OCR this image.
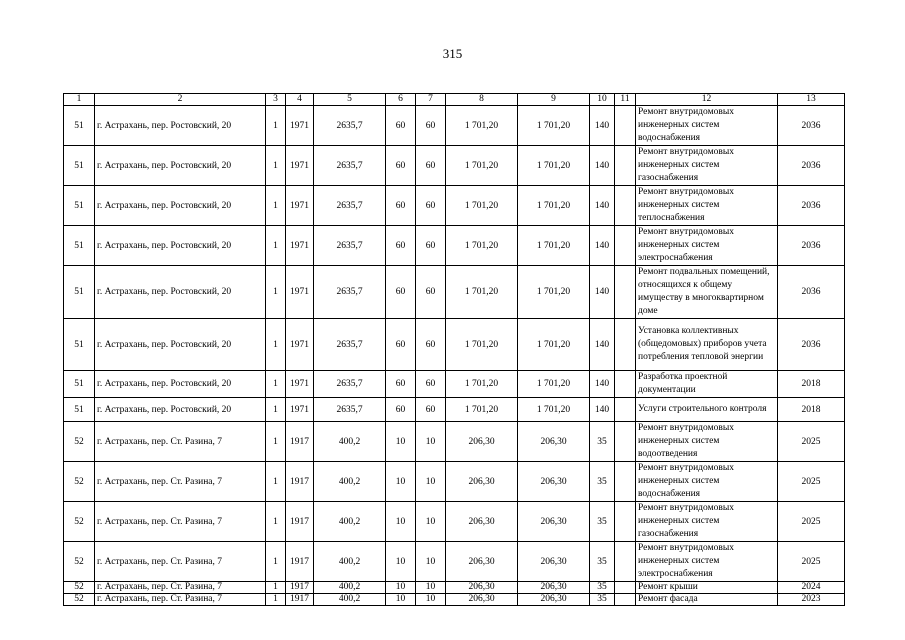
315
1	2	3	4	5	6	7	8	9	10	11	12	13
51	г. Астрахань, пер. Ростовский, 20	1	1971	2635,7	60	60	1 701,20	1 701,20	140		Ремонт внутридомовых инженерных систем водоснабжения	2036
51	г. Астрахань, пер. Ростовский, 20	1	1971	2635,7	60	60	1 701,20	1 701,20	140		Ремонт внутридомовых инженерных систем газоснабжения	2036
51	г. Астрахань, пер. Ростовский, 20	1	1971	2635,7	60	60	1 701,20	1 701,20	140		Ремонт внутридомовых инженерных систем теплоснабжения	2036
51	г. Астрахань, пер. Ростовский, 20	1	1971	2635,7	60	60	1 701,20	1 701,20	140		Ремонт внутридомовых инженерных систем электроснабжения	2036
51	г. Астрахань, пер. Ростовский, 20	1	1971	2635,7	60	60	1 701,20	1 701,20	140		Ремонт подвальных помещений, относящихся к общему имуществу в многоквартирном доме	2036
51	г. Астрахань, пер. Ростовский, 20	1	1971	2635,7	60	60	1 701,20	1 701,20	140		Установка коллективных (общедомовых) приборов учета потребления тепловой энергии	2036
51	г. Астрахань, пер. Ростовский, 20	1	1971	2635,7	60	60	1 701,20	1 701,20	140		Разработка проектной документации	2018
51	г. Астрахань, пер. Ростовский, 20	1	1971	2635,7	60	60	1 701,20	1 701,20	140		Услуги строительного контроля	2018
52	г. Астрахань, пер. Ст. Разина, 7	1	1917	400,2	10	10	206,30	206,30	35		Ремонт внутридомовых инженерных систем водоотведения	2025
52	г. Астрахань, пер. Ст. Разина, 7	1	1917	400,2	10	10	206,30	206,30	35		Ремонт внутридомовых инженерных систем водоснабжения	2025
52	г. Астрахань, пер. Ст. Разина, 7	1	1917	400,2	10	10	206,30	206,30	35		Ремонт внутридомовых инженерных систем газоснабжения	2025
52	г. Астрахань, пер. Ст. Разина, 7	1	1917	400,2	10	10	206,30	206,30	35		Ремонт внутридомовых инженерных систем электроснабжения	2025
52	г. Астрахань, пер. Ст. Разина, 7	1	1917	400,2	10	10	206,30	206,30	35		Ремонт крыши	2024
52	г. Астрахань, пер. Ст. Разина, 7	1	1917	400,2	10	10	206,30	206,30	35		Ремонт фасада	2023
